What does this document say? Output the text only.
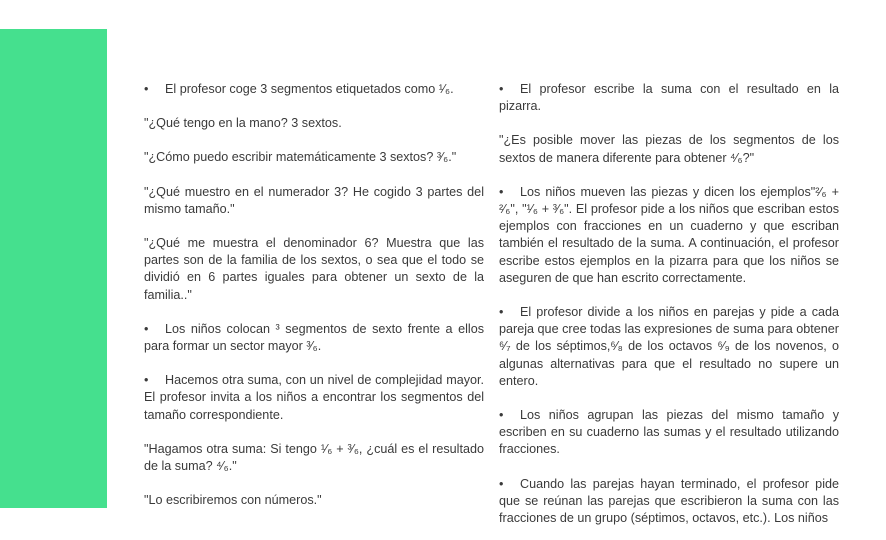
• El profesor coge 3 segmentos etiquetados como ¹⁄₆.

"¿Qué tengo en la mano? 3 sextos.

"¿Cómo puedo escribir matemáticamente 3 sextos? ³⁄₆."

"¿Qué muestro en el numerador 3? He cogido 3 partes del mismo tamaño."

"¿Qué me muestra el denominador 6? Muestra que las partes son de la familia de los sextos, o sea que el todo se dividió en 6 partes iguales para obtener un sexto de la familia.."

• Los niños colocan ³ segmentos de sexto frente a ellos para formar un sector mayor ³⁄₆.

• Hacemos otra suma, con un nivel de complejidad mayor. El profesor invita a los niños a encontrar los segmentos del tamaño correspondiente.

"Hagamos otra suma: Si tengo ¹⁄₆ + ³⁄₆, ¿cuál es el resultado de la suma? ⁴⁄₆."

"Lo escribiremos con números."

• El profesor escribe la suma con el resultado en la pizarra.

"¿Es posible mover las piezas de los segmentos de los sextos de manera diferente para obtener ⁴⁄₆?"

• Los niños mueven las piezas y dicen los ejemplos"²⁄₆ + ²⁄₆", "¹⁄₆ + ³⁄₆". El profesor pide a los niños que escriban estos ejemplos con fracciones en un cuaderno y que escriban también el resultado de la suma. A continuación, el profesor escribe estos ejemplos en la pizarra para que los niños se aseguren de que han escrito correctamente.

• El profesor divide a los niños en parejas y pide a cada pareja que cree todas las expresiones de suma para obtener ⁶⁄₇ de los séptimos,⁶⁄₈ de los octavos ⁶⁄₉ de los novenos, o algunas alternativas para que el resultado no supere un entero.

• Los niños agrupan las piezas del mismo tamaño y escriben en su cuaderno las sumas y el resultado utilizando fracciones.

• Cuando las parejas hayan terminado, el profesor pide que se reúnan las parejas que escribieron la suma con las fracciones de un grupo (séptimos, octavos, etc.). Los niños
